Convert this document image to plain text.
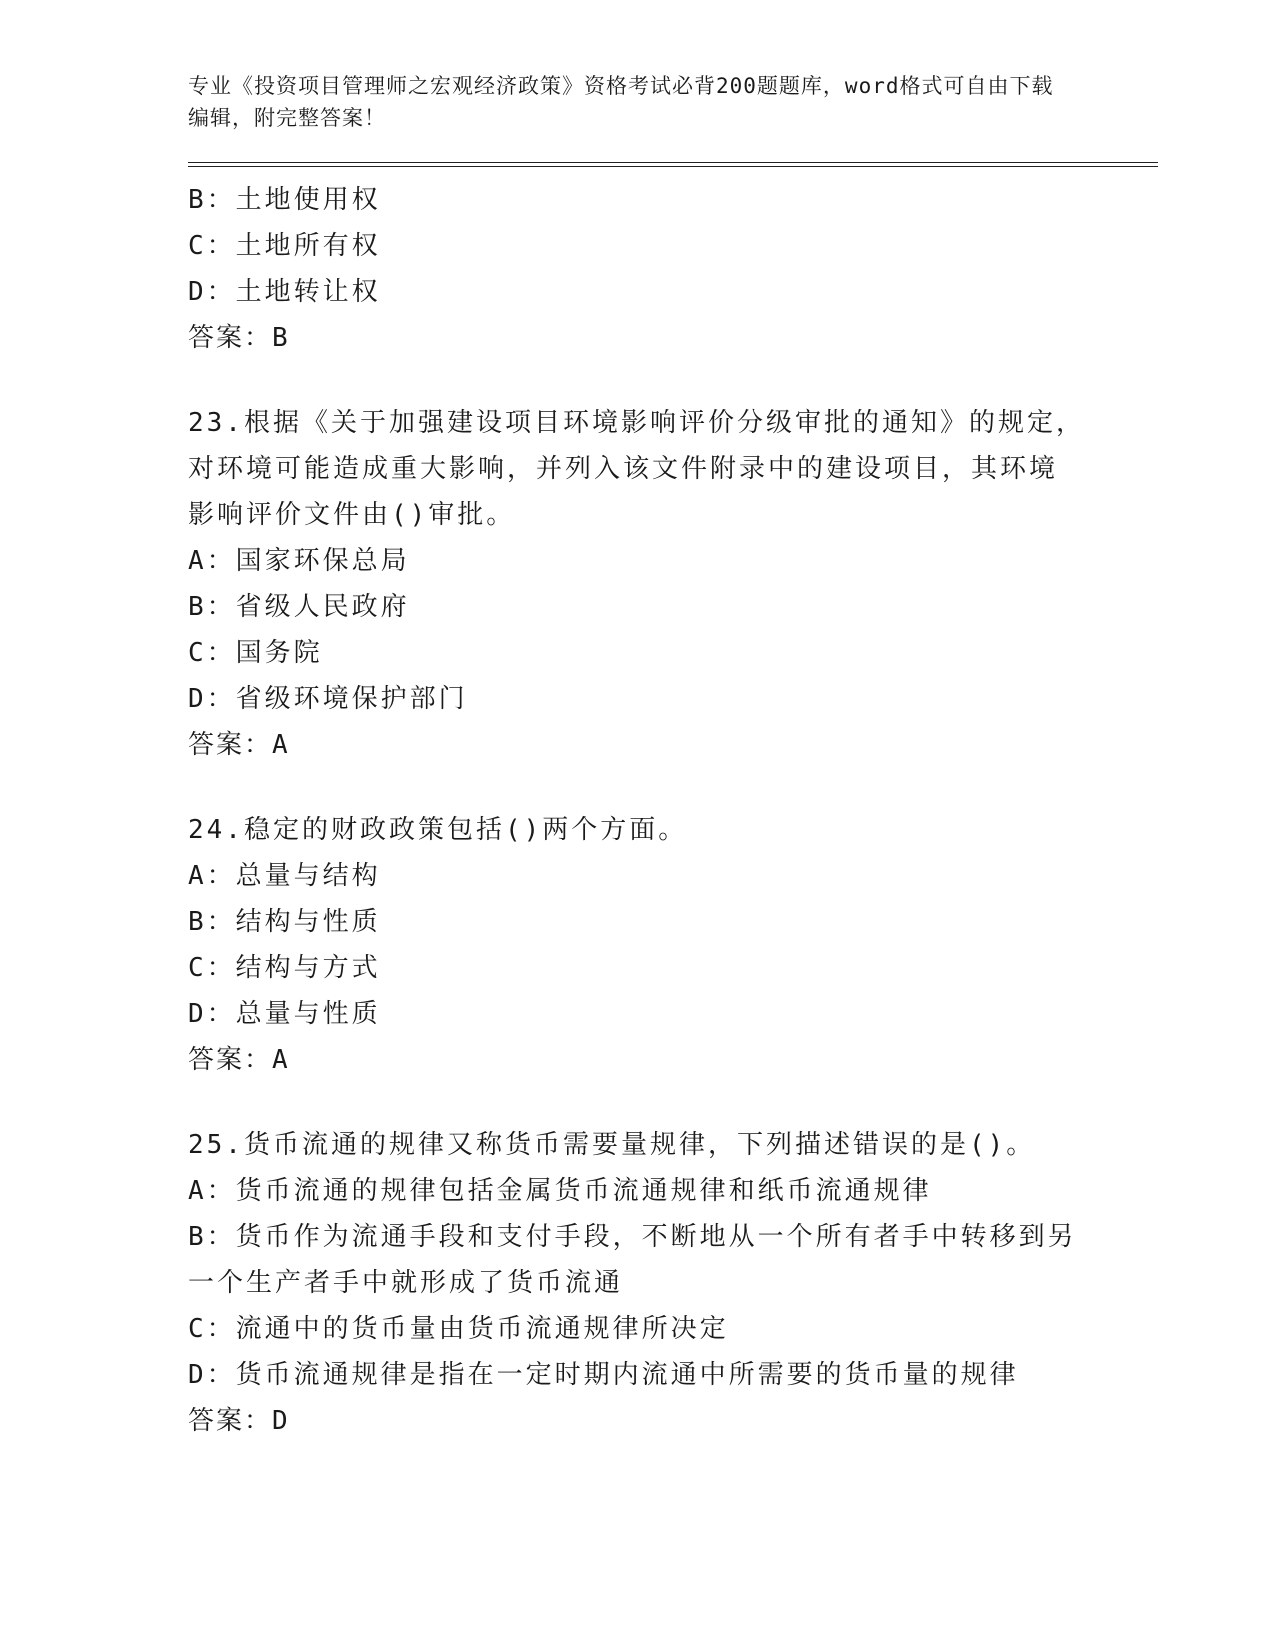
专业《投资项目管理师之宏观经济政策》资格考试必背200题题库，word格式可自由下载编辑，附完整答案！
B：土地使用权
C：土地所有权
D：土地转让权
答案：B
23.根据《关于加强建设项目环境影响评价分级审批的通知》的规定，
对环境可能造成重大影响，并列入该文件附录中的建设项目，其环境
影响评价文件由()审批。
A：国家环保总局
B：省级人民政府
C：国务院
D：省级环境保护部门
答案：A
24.稳定的财政政策包括()两个方面。
A：总量与结构
B：结构与性质
C：结构与方式
D：总量与性质
答案：A
25.货币流通的规律又称货币需要量规律，下列描述错误的是()。
A：货币流通的规律包括金属货币流通规律和纸币流通规律
B：货币作为流通手段和支付手段，不断地从一个所有者手中转移到另
一个生产者手中就形成了货币流通
C：流通中的货币量由货币流通规律所决定
D：货币流通规律是指在一定时期内流通中所需要的货币量的规律
答案：D
